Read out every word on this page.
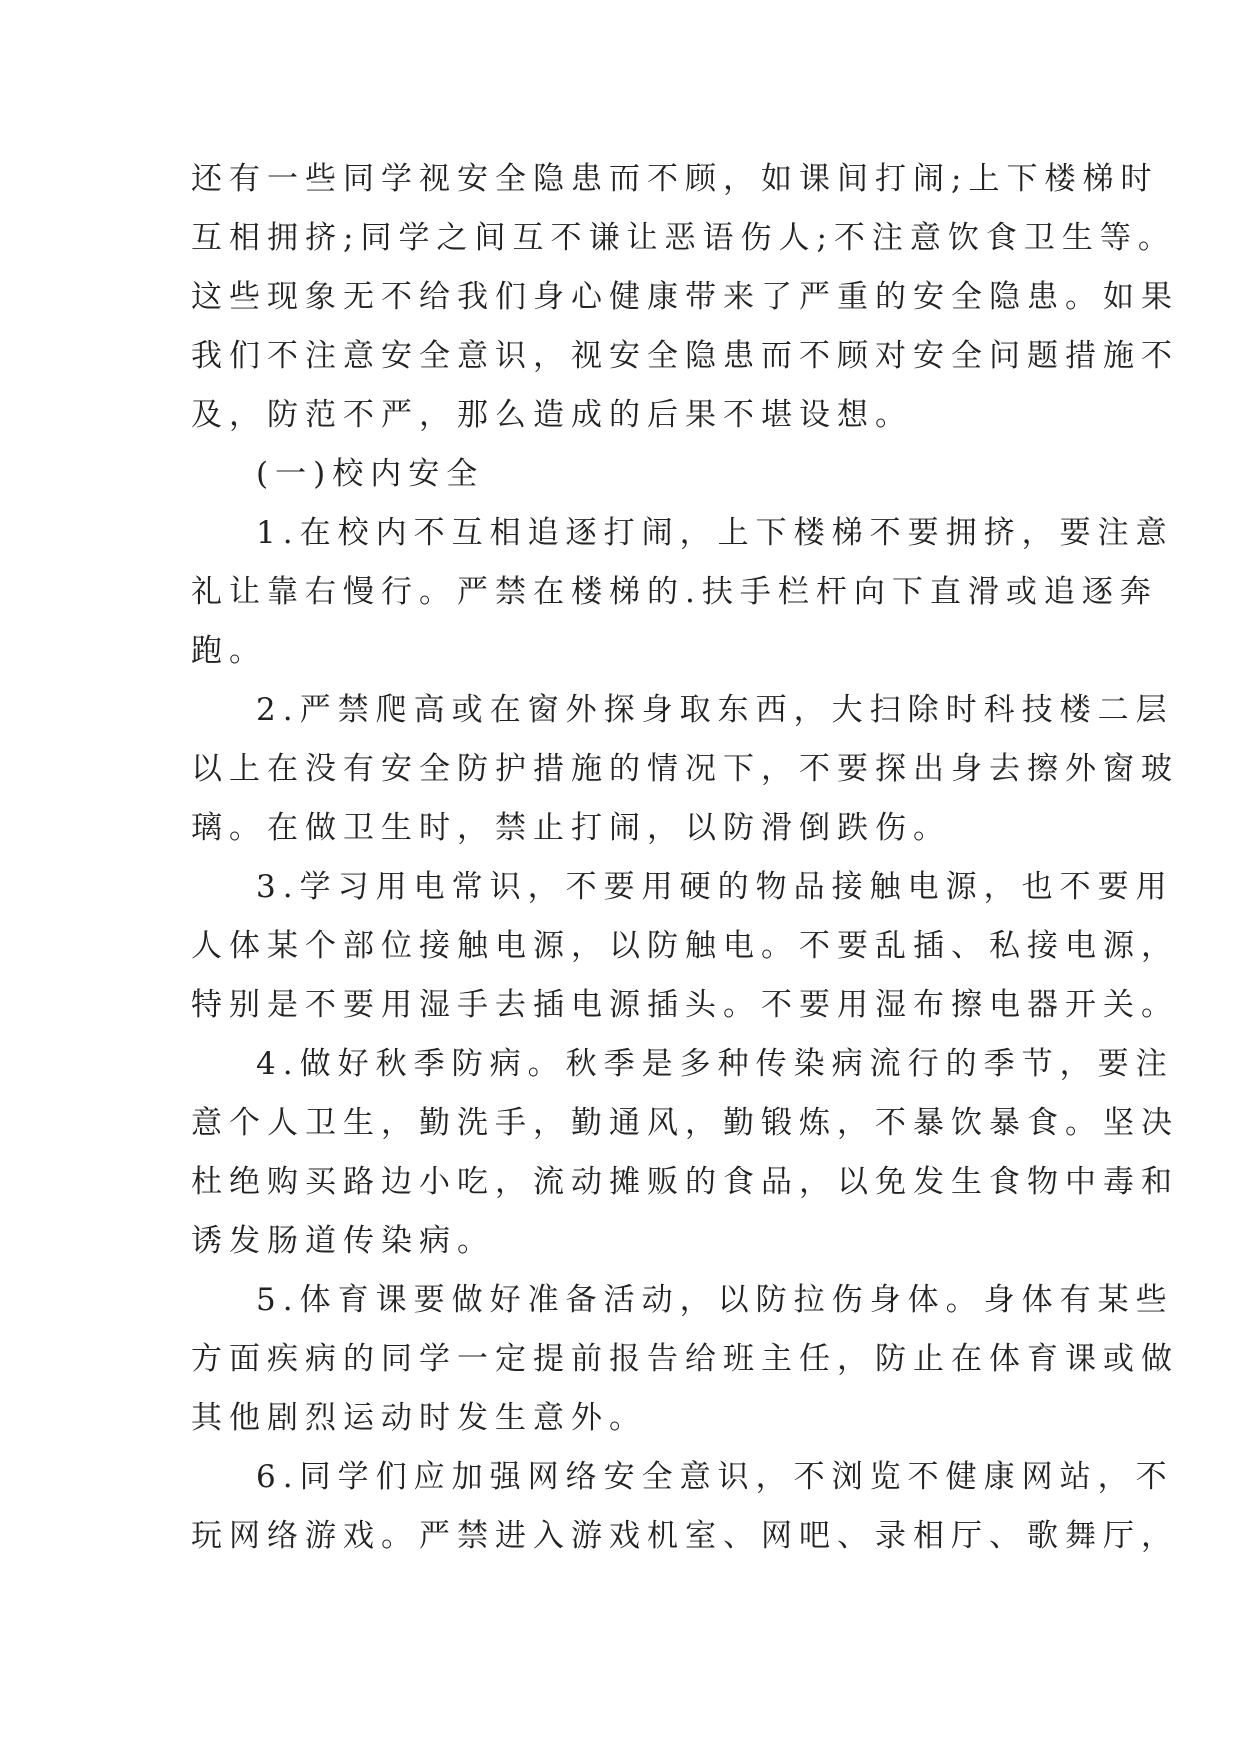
还有一些同学视安全隐患而不顾，如课间打闹;上下楼梯时
互相拥挤;同学之间互不谦让恶语伤人;不注意饮食卫生等。
这些现象无不给我们身心健康带来了严重的安全隐患。如果
我们不注意安全意识，视安全隐患而不顾对安全问题措施不
及，防范不严，那么造成的后果不堪设想。
(一)校内安全
1.在校内不互相追逐打闹，上下楼梯不要拥挤，要注意
礼让靠右慢行。严禁在楼梯的.扶手栏杆向下直滑或追逐奔
跑。
2.严禁爬高或在窗外探身取东西，大扫除时科技楼二层
以上在没有安全防护措施的情况下，不要探出身去擦外窗玻
璃。在做卫生时，禁止打闹，以防滑倒跌伤。
3.学习用电常识，不要用硬的物品接触电源，也不要用
人体某个部位接触电源，以防触电。不要乱插、私接电源，
特别是不要用湿手去插电源插头。不要用湿布擦电器开关。
4.做好秋季防病。秋季是多种传染病流行的季节，要注
意个人卫生，勤洗手，勤通风，勤锻炼，不暴饮暴食。坚决
杜绝购买路边小吃，流动摊贩的食品，以免发生食物中毒和
诱发肠道传染病。
5.体育课要做好准备活动，以防拉伤身体。身体有某些
方面疾病的同学一定提前报告给班主任，防止在体育课或做
其他剧烈运动时发生意外。
6.同学们应加强网络安全意识，不浏览不健康网站，不
玩网络游戏。严禁进入游戏机室、网吧、录相厅、歌舞厅，
